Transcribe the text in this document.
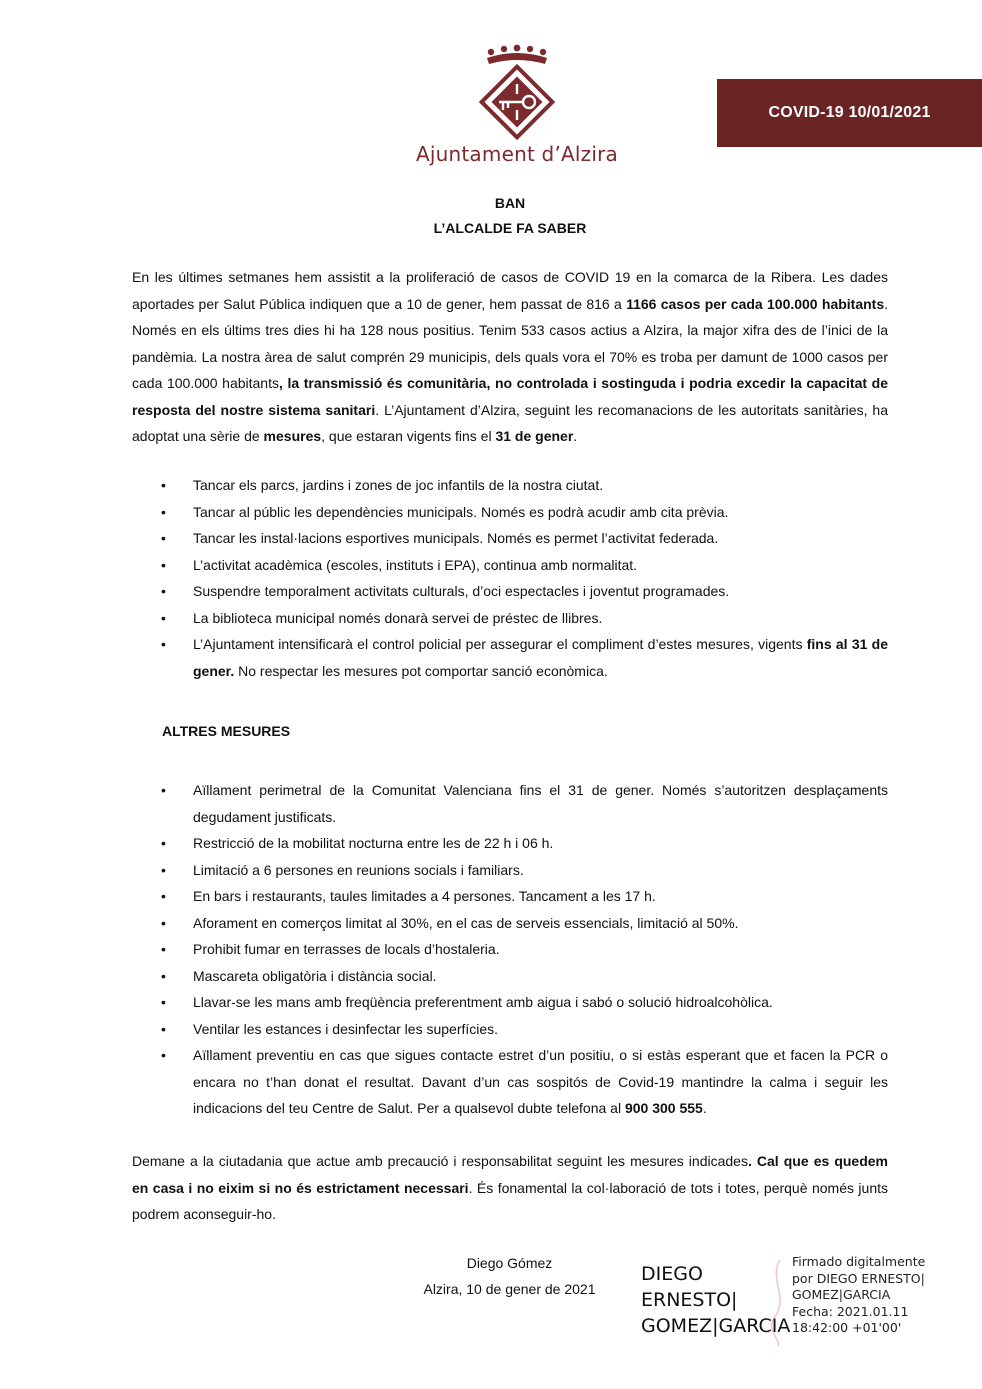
Ajuntament d’Alzira
COVID-19 10/01/2021
BAN
L’ALCALDE FA SABER

En les últimes setmanes hem assistit a la proliferació de casos de COVID 19 en la comarca de la Ribera. Les dades aportades per Salut Pública indiquen que a 10 de gener, hem passat de 816 a 1166 casos per cada 100.000 habitants. Només en els últims tres dies hi ha 128 nous positius. Tenim 533 casos actius a Alzira, la major xifra des de l’inici de la pandèmia. La nostra àrea de salut comprén 29 municipis, dels quals vora el 70% es troba per damunt de 1000 casos per cada 100.000 habitants, la transmissió és comunitària, no controlada i sostinguda i podria excedir la capacitat de resposta del nostre sistema sanitari. L’Ajuntament d’Alzira, seguint les recomanacions de les autoritats sanitàries, ha adoptat una sèrie de mesures, que estaran vigents fins el 31 de gener.

• Tancar els parcs, jardins i zones de joc infantils de la nostra ciutat.
• Tancar al públic les dependències municipals. Només es podrà acudir amb cita prèvia.
• Tancar les instal·lacions esportives municipals. Només es permet l’activitat federada.
• L’activitat acadèmica (escoles, instituts i EPA), continua amb normalitat.
• Suspendre temporalment activitats culturals, d’oci espectacles i joventut programades.
• La biblioteca municipal només donarà servei de préstec de llibres.
• L’Ajuntament intensificarà el control policial per assegurar el compliment d’estes mesures, vigents fins al 31 de gener. No respectar les mesures pot comportar sanció econòmica.
ALTRES MESURES
• Aïllament perimetral de la Comunitat Valenciana fins el 31 de gener. Només s’autoritzen desplaçaments degudament justificats.
• Restricció de la mobilitat nocturna entre les de 22 h i 06 h.
• Limitació a 6 persones en reunions socials i familiars.
• En bars i restaurants, taules limitades a 4 persones. Tancament a les 17 h.
• Aforament en comerços limitat al 30%, en el cas de serveis essencials, limitació al 50%.
• Prohibit fumar en terrasses de locals d’hostaleria.
• Mascareta obligatòria i distància social.
• Llavar-se les mans amb freqüència preferentment amb aigua i sabó o solució hidroalcohòlica.
• Ventilar les estances i desinfectar les superfícies.
• Aïllament preventiu en cas que sigues contacte estret d’un positiu, o si estàs esperant que et facen la PCR o encara no t’han donat el resultat. Davant d’un cas sospitós de Covid-19 mantindre la calma i seguir les indicacions del teu Centre de Salut. Per a qualsevol dubte telefona al 900 300 555.

Demane a la ciutadania que actue amb precaució i responsabilitat seguint les mesures indicades. Cal que es quedem en casa i no eixim si no és estrictament necessari. És fonamental la col·laboració de tots i totes, perquè només junts podrem aconseguir-ho.

Diego Gómez
Alzira, 10 de gener de 2021
DIEGO
ERNESTO|
GOMEZ|GARCIA
Firmado digitalmente
por DIEGO ERNESTO|
GOMEZ|GARCIA
Fecha: 2021.01.11
18:42:00 +01'00'
